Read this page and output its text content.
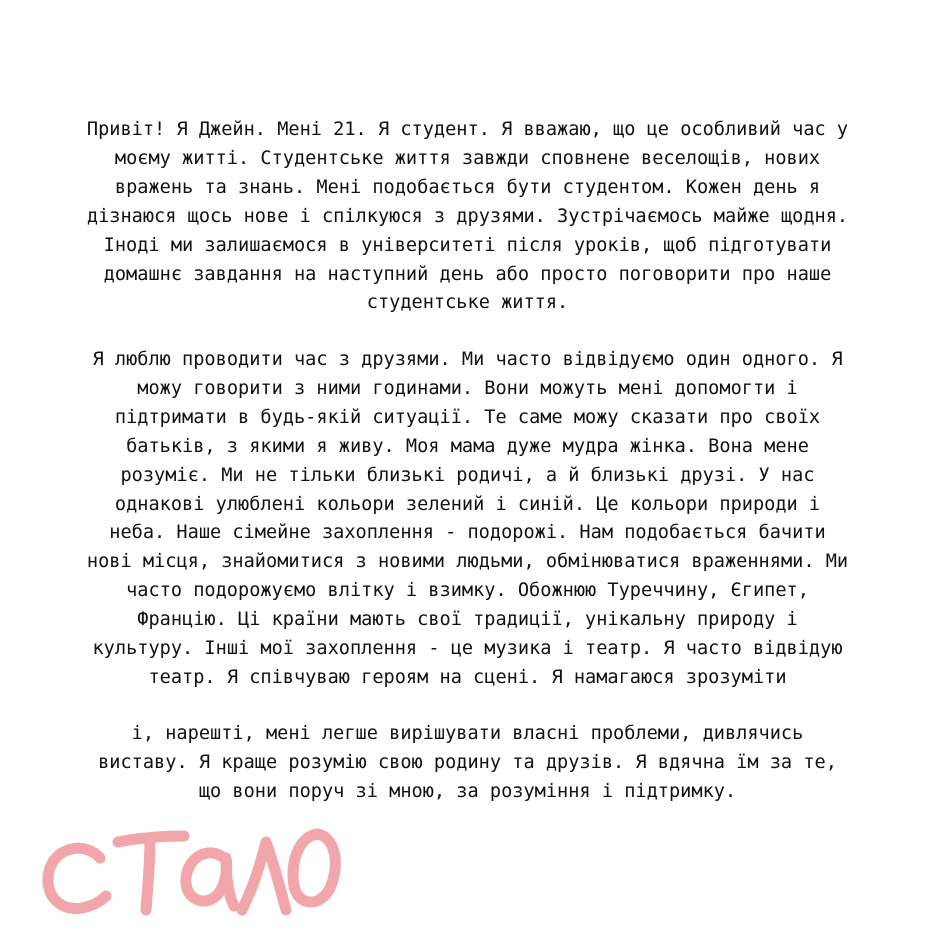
Привіт! Я Джейн. Мені 21. Я студент. Я вважаю, що це особливий час у
моєму житті. Студентське життя завжди сповнене веселощів, нових
вражень та знань. Мені подобається бути студентом. Кожен день я
дізнаюся щось нове і спілкуюся з друзями. Зустрічаємось майже щодня.
Іноді ми залишаємося в університеті після уроків, щоб підготувати
домашнє завдання на наступний день або просто поговорити про наше
студентське життя.
Я люблю проводити час з друзями. Ми часто відвідуємо один одного. Я
можу говорити з ними годинами. Вони можуть мені допомогти і
підтримати в будь-якій ситуації. Те саме можу сказати про своїх
батьків, з якими я живу. Моя мама дуже мудра жінка. Вона мене
розуміє. Ми не тільки близькі родичі, а й близькі друзі. У нас
однакові улюблені кольори зелений і синій. Це кольори природи і
неба. Наше сімейне захоплення - подорожі. Нам подобається бачити
нові місця, знайомитися з новими людьми, обмінюватися враженнями. Ми
часто подорожуємо влітку і взимку. Обожнюю Туреччину, Єгипет,
Францію. Ці країни мають свої традиції, унікальну природу і
культуру. Інші мої захоплення - це музика і театр. Я часто відвідую
театр. Я співчуваю героям на сцені. Я намагаюся зрозуміти
і, нарешті, мені легше вирішувати власні проблеми, дивлячись
виставу. Я краще розумію свою родину та друзів. Я вдячна їм за те,
що вони поруч зі мною, за розуміння і підтримку.
